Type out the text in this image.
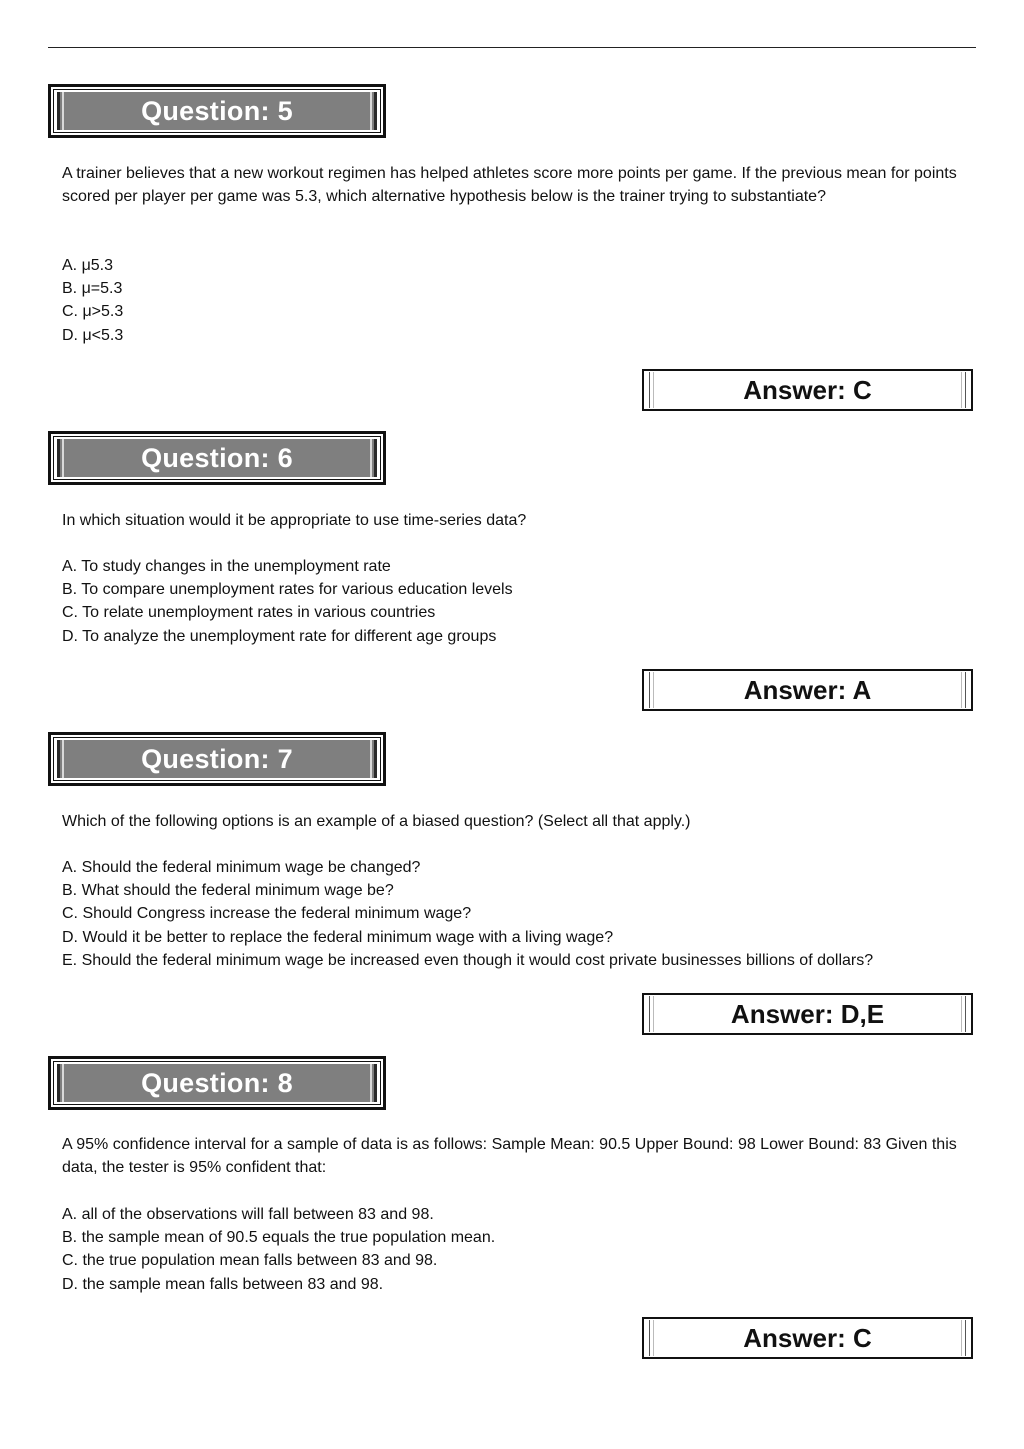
Question: 5

A trainer believes that a new workout regimen has helped athletes score more points per game. If the previous mean for points scored per player per game was 5.3, which alternative hypothesis below is the trainer trying to substantiate?

A. μ5.3
B. μ=5.3
C. μ>5.3
D. μ<5.3
Answer: C
Question: 6

In which situation would it be appropriate to use time-series data?

A. To study changes in the unemployment rate
B. To compare unemployment rates for various education levels
C. To relate unemployment rates in various countries
D. To analyze the unemployment rate for different age groups
Answer: A
Question: 7

Which of the following options is an example of a biased question? (Select all that apply.)

A. Should the federal minimum wage be changed?
B. What should the federal minimum wage be?
C. Should Congress increase the federal minimum wage?
D. Would it be better to replace the federal minimum wage with a living wage?
E. Should the federal minimum wage be increased even though it would cost private businesses billions of dollars?
Answer: D,E
Question: 8

A 95% confidence interval for a sample of data is as follows: Sample Mean: 90.5 Upper Bound: 98 Lower Bound: 83 Given this data, the tester is 95% confident that:

A. all of the observations will fall between 83 and 98.
B. the sample mean of 90.5 equals the true population mean.
C. the true population mean falls between 83 and 98.
D. the sample mean falls between 83 and 98.
Answer: C
